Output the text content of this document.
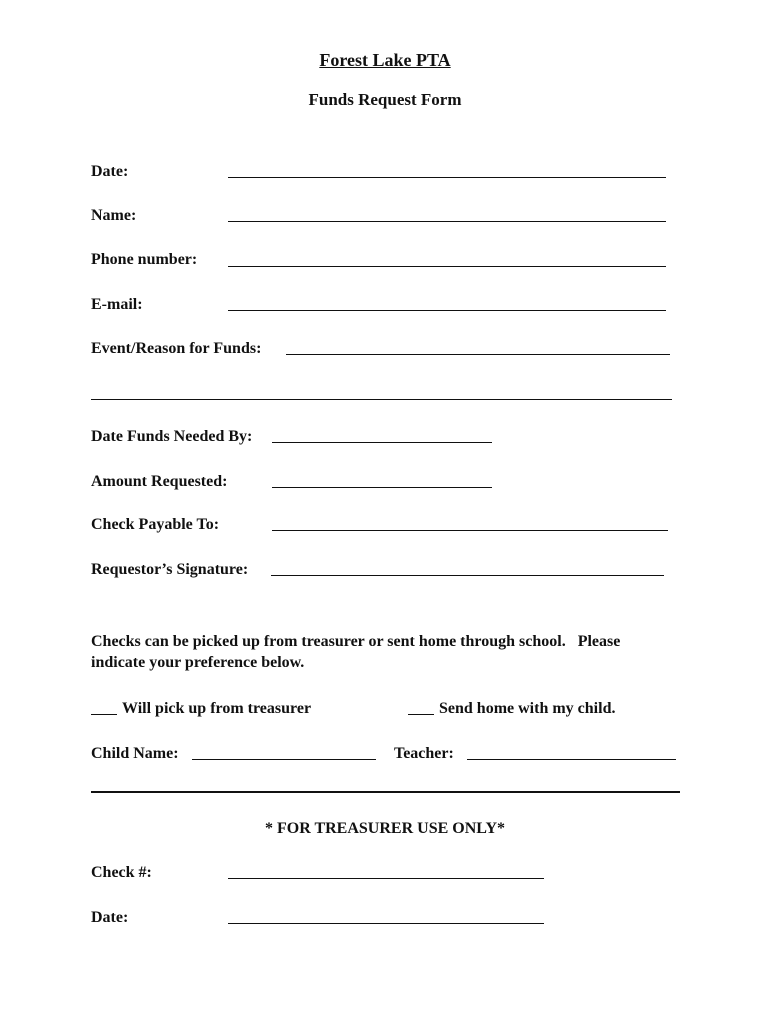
Forest Lake PTA
Funds Request Form
Date:
Name:
Phone number:
E-mail:
Event/Reason for Funds:
Date Funds Needed By:
Amount Requested:
Check Payable To:
Requestor’s Signature:
Checks can be picked up from treasurer or sent home through school.   Please
indicate your preference below.
Will pick up from treasurer	Send home with my child.
Child Name:	Teacher:
* FOR TREASURER USE ONLY*
Check #:
Date:
